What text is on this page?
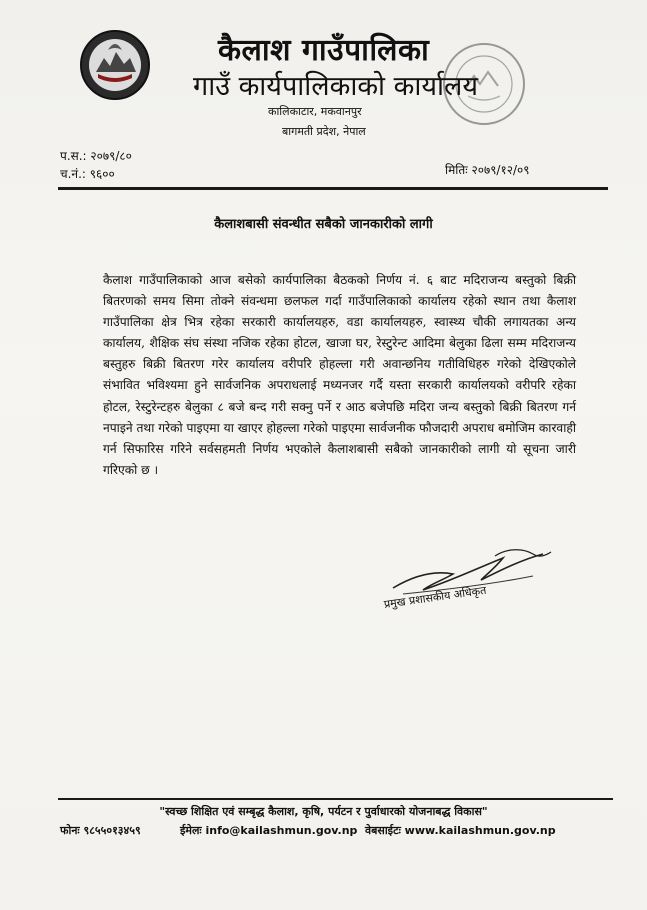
कैलाश गाउँपालिका
गाउँ कार्यपालिकाको कार्यालय
कालिकाटार, मकवानपुर
बागमती प्रदेश, नेपाल
प.स.: २०७९/८०
च.नं.: ९६००	मितिः २०७९/१२/०९
कैलाशबासी संवन्धीत सबैको जानकारीको लागी
कैलाश गाउँपालिकाको आज बसेको कार्यपालिका बैठकको निर्णय नं. ६ बाट मदिराजन्य बस्तुको बिक्री बितरणको समय सिमा तोक्ने संवन्धमा छलफल गर्दा गाउँपालिकाको कार्यालय रहेको स्थान तथा कैलाश गाउँपालिका क्षेत्र भित्र रहेका सरकारी कार्यालयहरु, वडा कार्यालयहरु, स्वास्थ्य चौकी लगायतका अन्य कार्यालय, शैक्षिक संघ संस्था नजिक रहेका होटल, खाजा घर, रेस्टुरेन्ट आदिमा बेलुका ढिला सम्म मदिराजन्य बस्तुहरु बिक्री बितरण गरेर कार्यालय वरीपरि होहल्ला गरी अवान्छनिय गतीविधिहरु गरेको देखिएकोले संभावित भविश्यमा हुने सार्वजनिक अपराधलाई मध्यनजर गर्दै यस्ता सरकारी कार्यालयको वरीपरि रहेका होटल, रेस्टुरेन्टहरु बेलुका ८ बजे बन्द गरी सक्नु पर्ने र आठ बजेपछि मदिरा जन्य बस्तुको बिक्री बितरण गर्न नपाइने तथा गरेको पाइएमा या खाएर होहल्ला गरेको पाइएमा सार्वजनीक फौजदारी अपराध बमोजिम कारवाही गर्न सिफारिस गरिने सर्वसहमती निर्णय भएकोले कैलाशबासी सबैको जानकारीको लागी यो सूचना जारी गरिएको छ ।
प्रमुख प्रशासकीय अधिकृत
"स्वच्छ शिक्षित एवं सम्बृद्ध कैलाश, कृषि, पर्यटन र पुर्वाधारको योजनाबद्ध विकास"
फोनः ९८५५०१३४५९	ईमेलः info@kailashmun.gov.np वेबसाईटः www.kailashmun.gov.np
